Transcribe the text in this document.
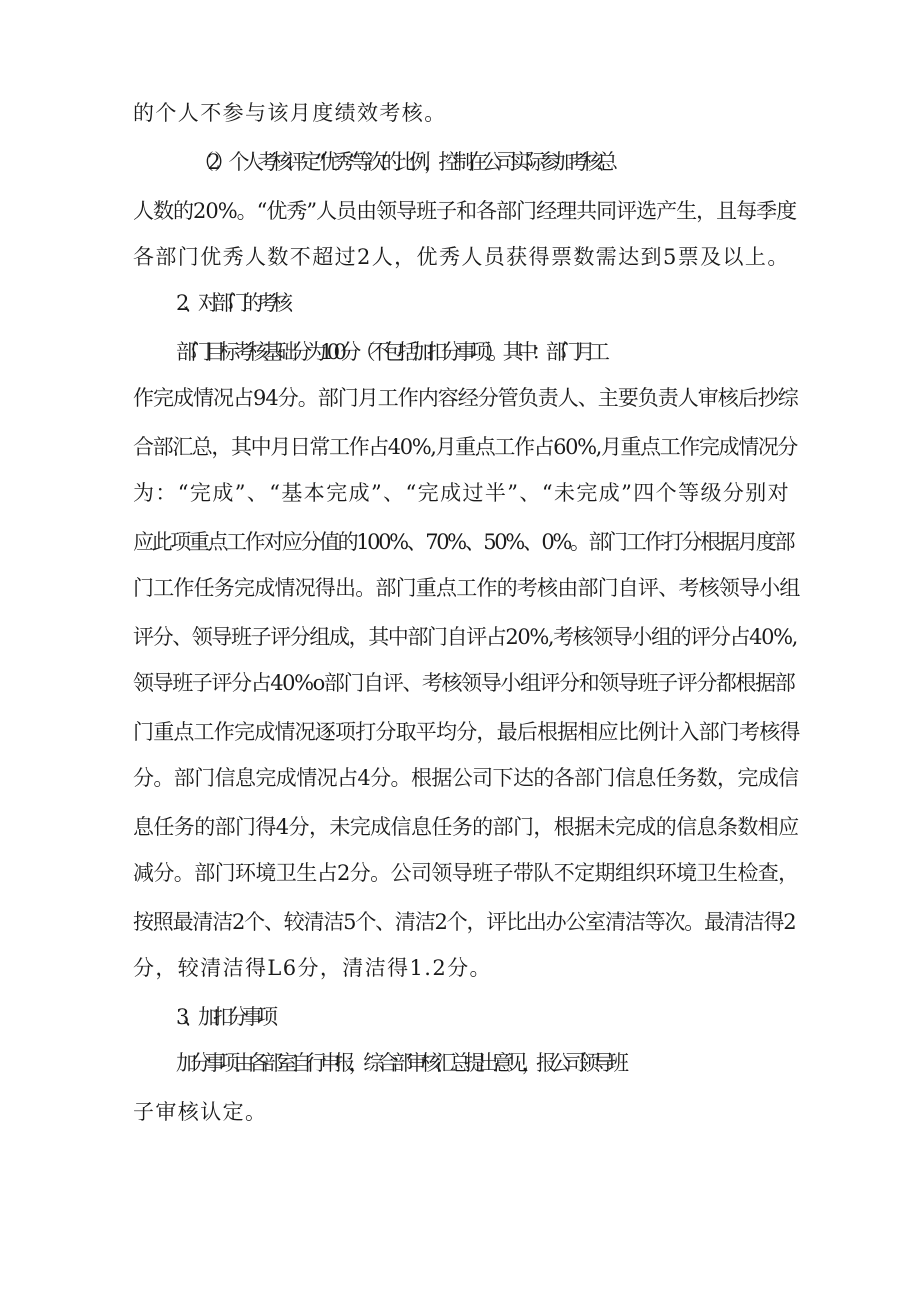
的个人不参与该月度绩效考核。
（2）个人考核评定“优秀”等次的比例，控制在公司实际参加考核总
人数的20%。“优秀”人员由领导班子和各部门经理共同评选产生，且每季度
各部门优秀人数不超过2人，优秀人员获得票数需达到5票及以上。
2、对部门的考核
部门目标考核基础分为100分（不包括加扣分事项）。其中：部门月工
作完成情况占94分。部门月工作内容经分管负责人、主要负责人审核后抄综
合部汇总，其中月日常工作占40%,月重点工作占60%,月重点工作完成情况分
为：“完成”、“基本完成”、“完成过半”、“未完成”四个等级分别对
应此项重点工作对应分值的100%、70%、50%、0%。部门工作打分根据月度部
门工作任务完成情况得出。部门重点工作的考核由部门自评、考核领导小组
评分、领导班子评分组成，其中部门自评占20%,考核领导小组的评分占40%,
领导班子评分占40%o部门自评、考核领导小组评分和领导班子评分都根据部
门重点工作完成情况逐项打分取平均分，最后根据相应比例计入部门考核得
分。部门信息完成情况占4分。根据公司下达的各部门信息任务数，完成信
息任务的部门得4分，未完成信息任务的部门，根据未完成的信息条数相应
减分。部门环境卫生占2分。公司领导班子带队不定期组织环境卫生检查，
按照最清洁2个、较清洁5个、清洁2个，评比出办公室清洁等次。最清洁得2
分，较清洁得L6分，清洁得1.2分。
3、加扣分事项
加分事项由各部室自行申报，综合部审核汇总提出意见，报公司领导班
子审核认定。
